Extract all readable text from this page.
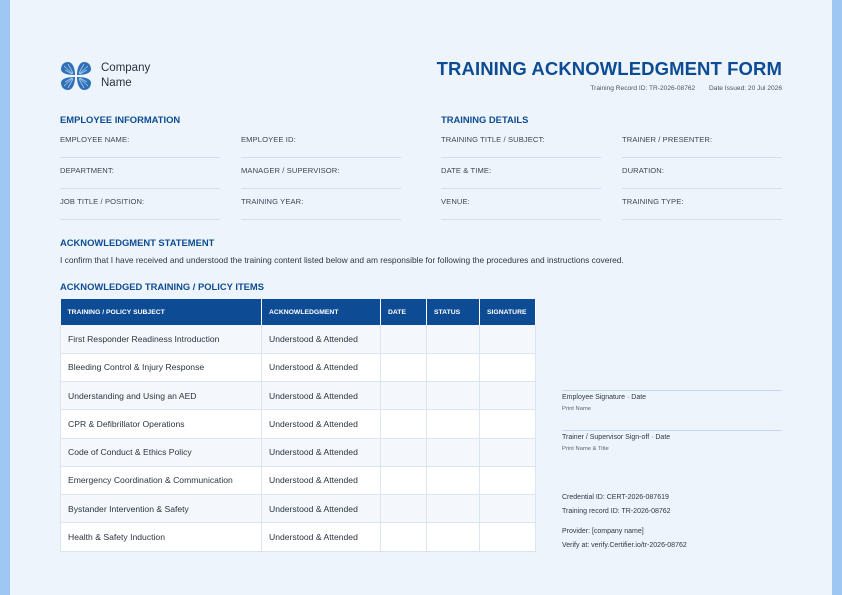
Company
Name
TRAINING ACKNOWLEDGMENT FORM
Training Record ID: TR-2026-08762 Date Issued: 20 Jul 2026
EMPLOYEE INFORMATION
EMPLOYEE NAME:	EMPLOYEE ID:
DEPARTMENT:	MANAGER / SUPERVISOR:
JOB TITLE / POSITION:	TRAINING YEAR:
TRAINING DETAILS
TRAINING TITLE / SUBJECT:	TRAINER / PRESENTER:
DATE & TIME:	DURATION:
VENUE:	TRAINING TYPE:
ACKNOWLEDGMENT STATEMENT
I confirm that I have received and understood the training content listed below and am responsible for following the procedures and instructions covered.
ACKNOWLEDGED TRAINING / POLICY ITEMS
TRAINING / POLICY SUBJECT	ACKNOWLEDGMENT	DATE	STATUS	SIGNATURE
First Responder Readiness Introduction	Understood & Attended			
Bleeding Control & Injury Response	Understood & Attended			
Understanding and Using an AED	Understood & Attended			
CPR & Defibrillator Operations	Understood & Attended			
Code of Conduct & Ethics Policy	Understood & Attended			
Emergency Coordination & Communication	Understood & Attended			
Bystander Intervention & Safety	Understood & Attended			
Health & Safety Induction	Understood & Attended			
Employee Signature · Date
Print Name
Trainer / Supervisor Sign-off · Date
Print Name & Title
Credential ID: CERT-2026-087619
Training record ID: TR-2026-08762
Provider: [company name]
Verify at: verify.Certifier.io/tr-2026-08762
